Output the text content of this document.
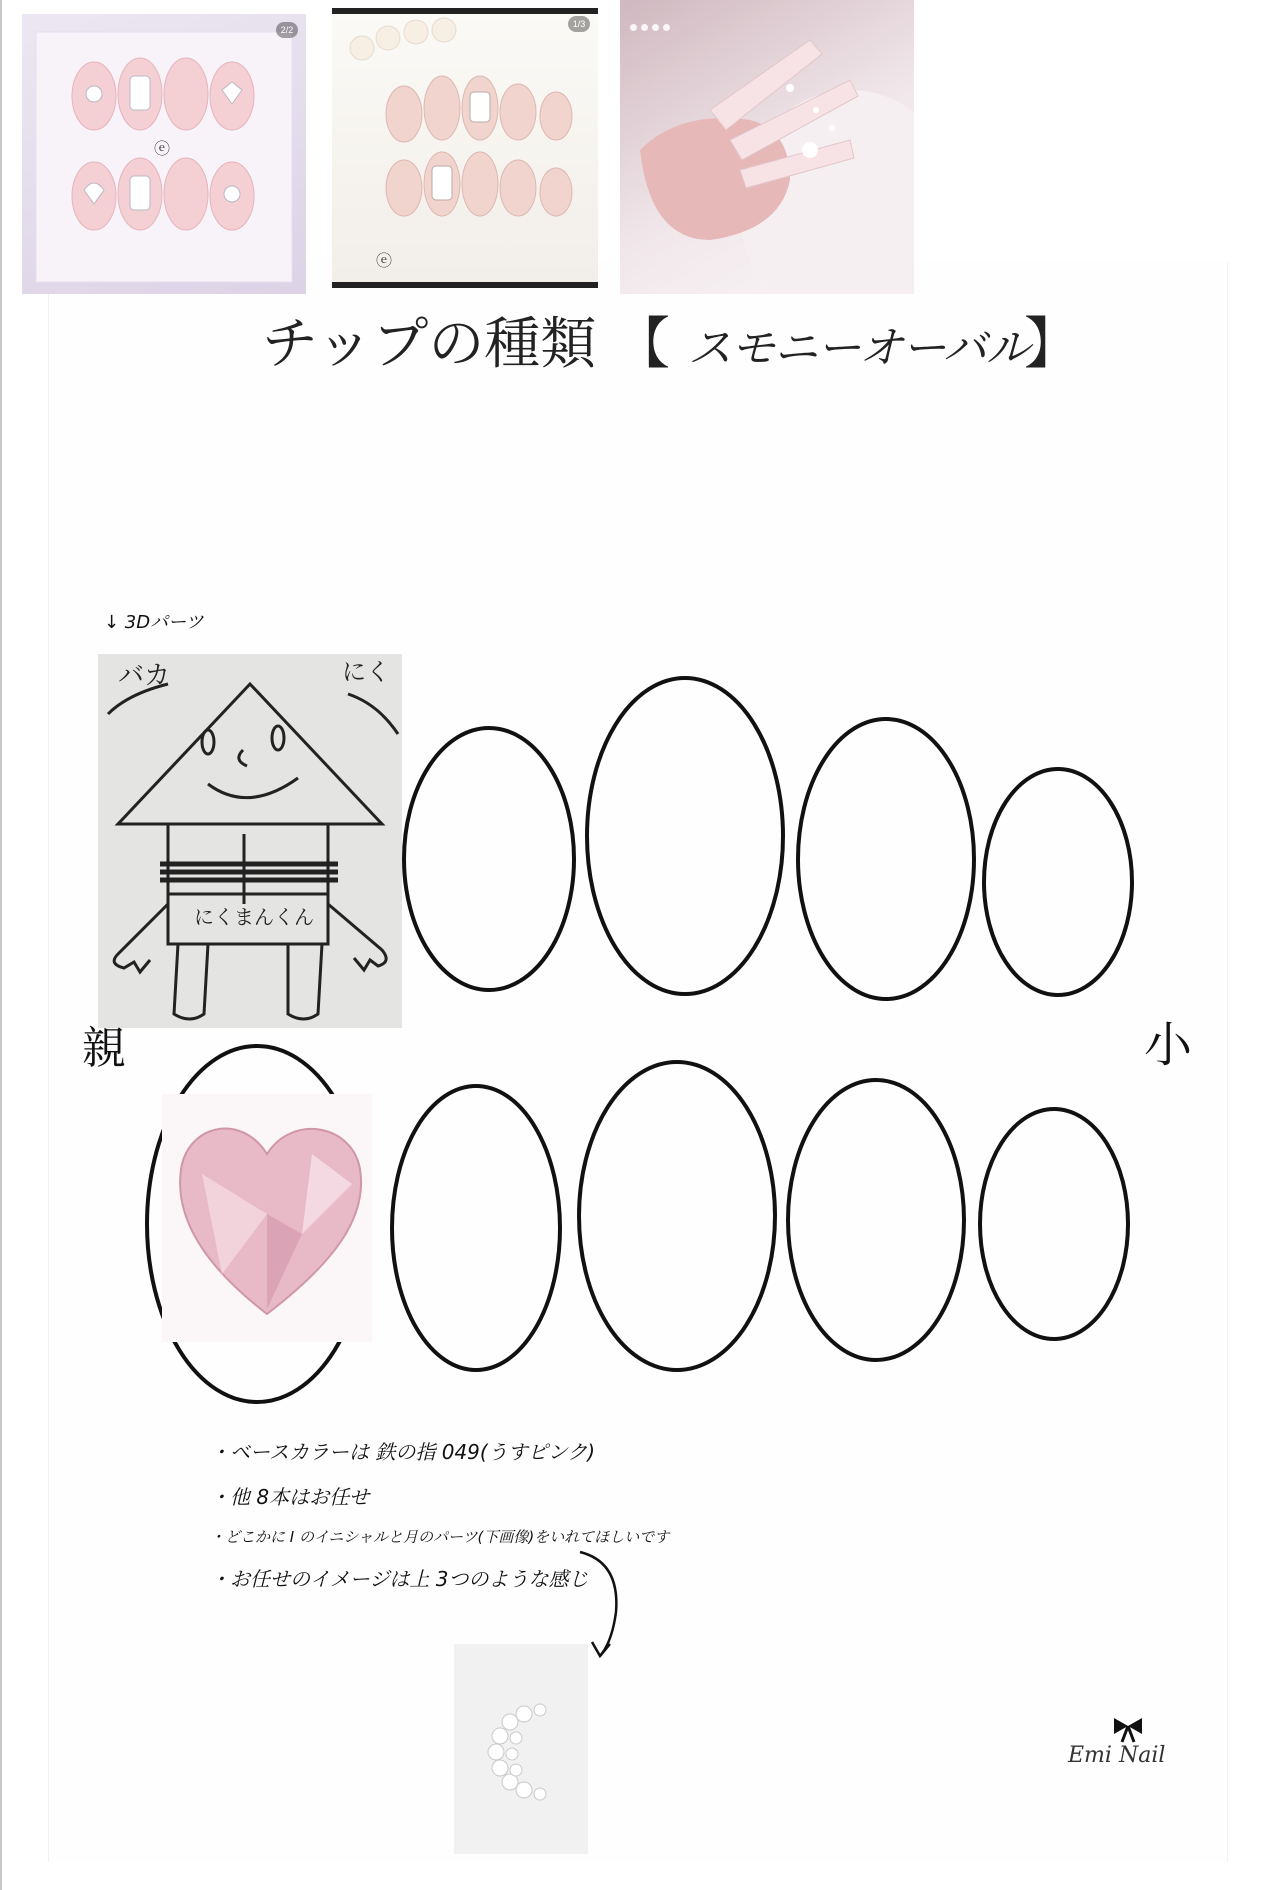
ⓔ
2/2
ⓔ
1/3
チップの種類 【 スモニーオーバル
】
↓ 3Dパーツ
バカ	にく
にくまんくん
親	小
・ベースカラーは 鉄の指 049(うすピンク)
・他 8本はお任せ
・どこかに I のイニシャルと月のパーツ(下画像)をいれてほしいです
・お任せのイメージは上 3つのような感じ
Emi Nail
